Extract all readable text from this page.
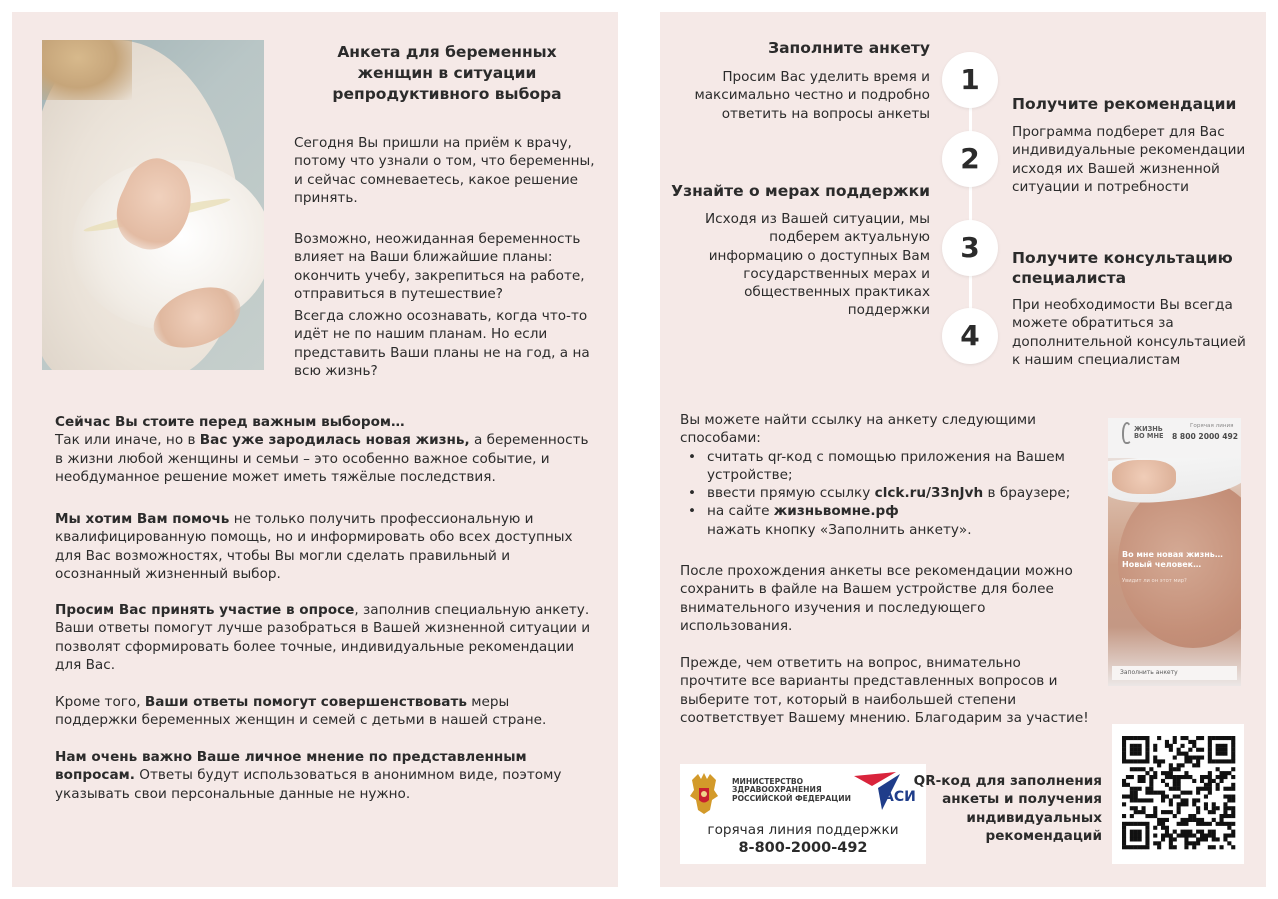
Анкета для беременных женщин в ситуации репродуктивного выбора

Сегодня Вы пришли на приём к врачу, потому что узнали о том, что беременны, и сейчас сомневаетесь, какое решение принять.

Возможно, неожиданная беременность влияет на Ваши ближайшие планы: окончить учебу, закрепиться на работе, отправиться в путешествие?

Всегда сложно осознавать, когда что-то идёт не по нашим планам. Но если представить Ваши планы не на год, а на всю жизнь?

Сейчас Вы стоите перед важным выбором…

Так или иначе, но в Вас уже зародилась новая жизнь, а беременность в жизни любой женщины и семьи – это особенно важное событие, и необдуманное решение может иметь тяжёлые последствия.

Мы хотим Вам помочь не только получить профессиональную и квалифицированную помощь, но и информировать обо всех доступных для Вас возможностях, чтобы Вы могли сделать правильный и осознанный жизненный выбор.

Просим Вас принять участие в опросе, заполнив специальную анкету. Ваши ответы помогут лучше разобраться в Вашей жизненной ситуации и позволят сформировать более точные, индивидуальные рекомендации для Вас.

Кроме того, Ваши ответы помогут совершенствовать меры поддержки беременных женщин и семей с детьми в нашей стране.

Нам очень важно Ваше личное мнение по представленным вопросам. Ответы будут использоваться в анонимном виде, поэтому указывать свои персональные данные не нужно.

1
2
3
4
Заполните анкету

Просим Вас уделить время и максимально честно и подробно ответить на вопросы анкеты

Получите рекомендации

Программа подберет для Вас индивидуальные рекомендации исходя их Вашей жизненной ситуации и потребности

Узнайте о мерах поддержки

Исходя из Вашей ситуации, мы подберем актуальную информацию о доступных Вам государственных мерах и общественных практиках поддержки

Получите консультацию специалиста

При необходимости Вы всегда можете обратиться за дополнительной консультацией к нашим специалистам

Вы можете найти ссылку на анкету следующими способами:

• считать qr-код с помощью приложения на Вашем устройстве;
• ввести прямую ссылку clck.ru/33nJvh в браузере;
• на сайте жизньвомне.рф
нажать кнопку «Заполнить анкету».

После прохождения анкеты все рекомендации можно сохранить в файле на Вашем устройстве для более внимательного изучения и последующего использования.

Прежде, чем ответить на вопрос, внимательно прочтите все варианты представленных вопросов и выберите тот, который в наибольшей степени соответствует Вашему мнению. Благодарим за участие!

ЖИЗНЬ
ВО МНЕ
Горячая линия
8 800 2000 492
Во мне новая жизнь… Новый человек…
Увидит ли он этот мир?
Заполнить анкету
МИНИСТЕРСТВО
ЗДРАВООХРАНЕНИЯ
РОССИЙСКОЙ ФЕДЕРАЦИИ АСИ
горячая линия поддержки
8-800-2000-492
QR-код для заполнения анкеты и получения индивидуальных рекомендаций
